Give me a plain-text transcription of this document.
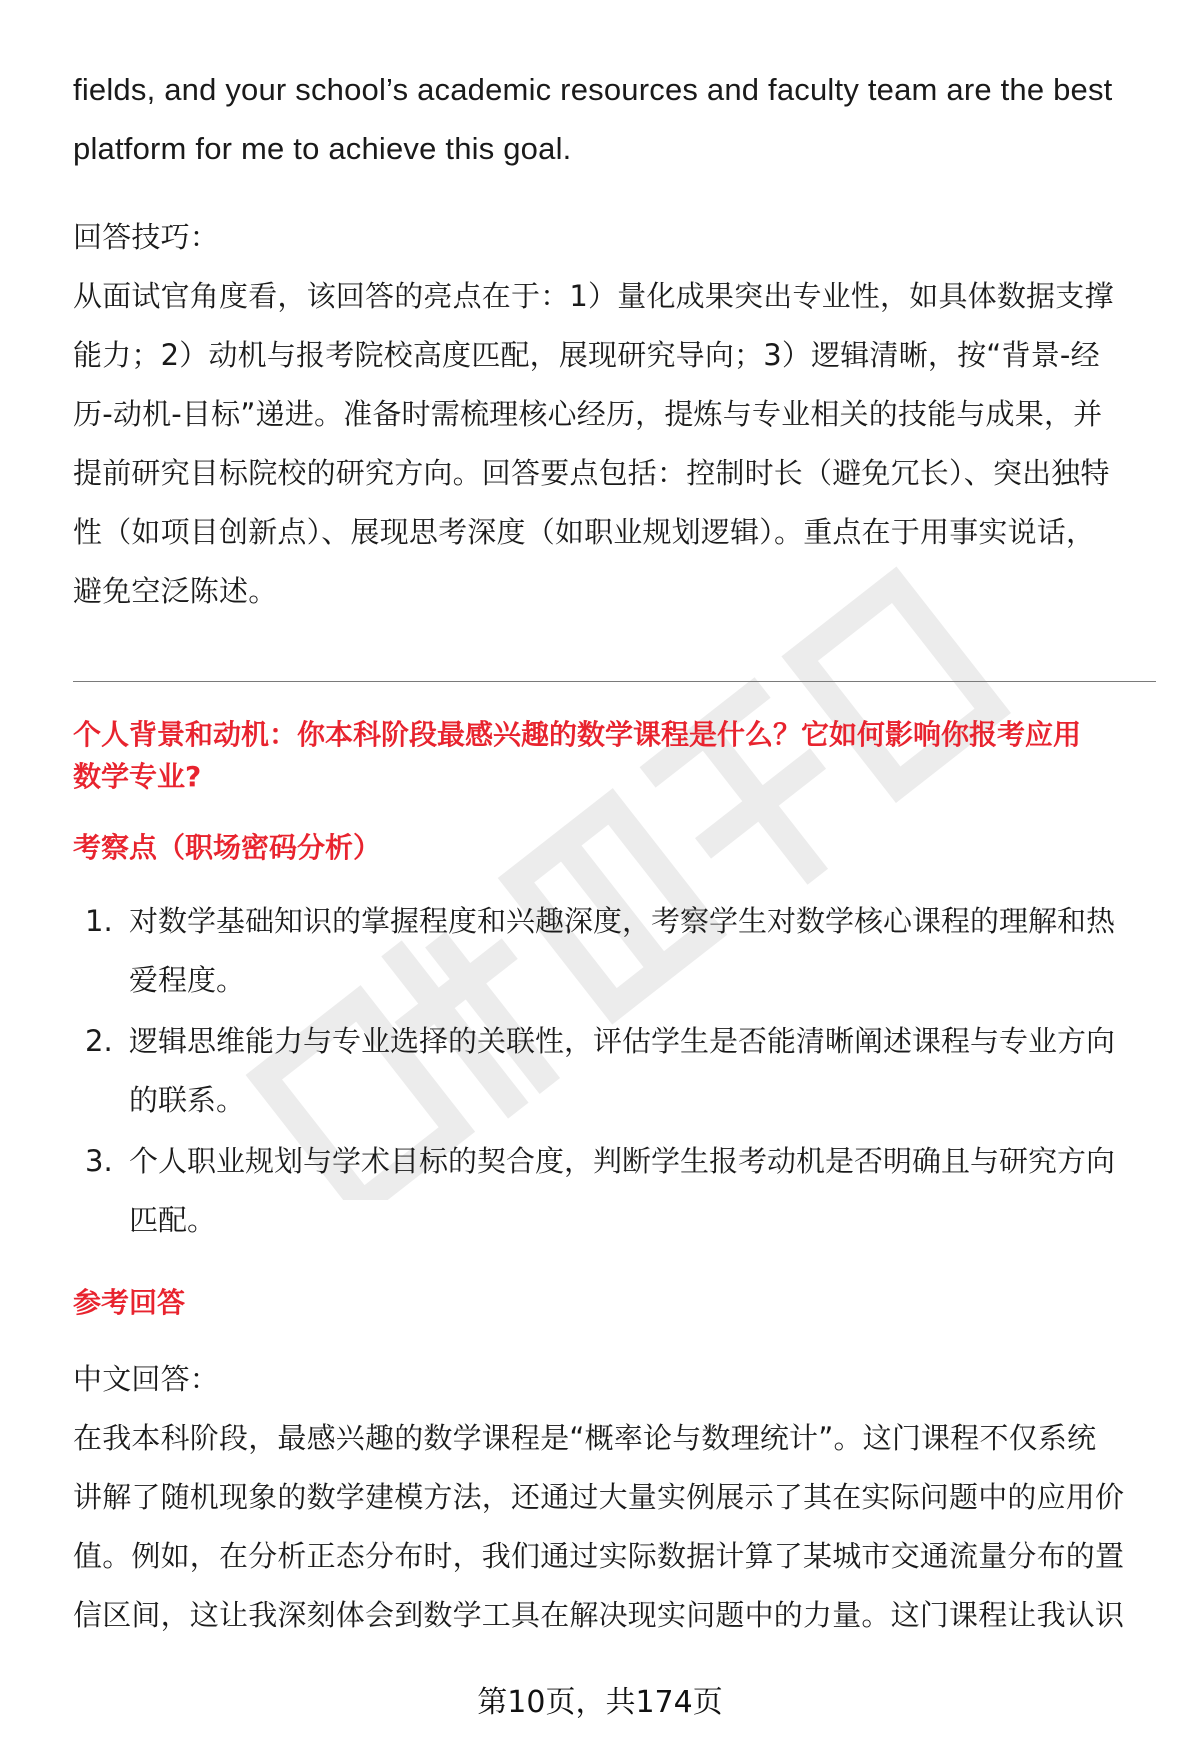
fields, and your school’s academic resources and faculty team are the best

platform for me to achieve this goal.

回答技巧：

从面试官角度看，该回答的亮点在于：1）量化成果突出专业性，如具体数据支撑

能力；2）动机与报考院校高度匹配，展现研究导向；3）逻辑清晰，按“背景-经

历-动机-目标”递进。准备时需梳理核心经历，提炼与专业相关的技能与成果，并

提前研究目标院校的研究方向。回答要点包括：控制时长（避免冗长）、突出独特

性（如项目创新点）、展现思考深度（如职业规划逻辑）。重点在于用事实说话，

避免空泛陈述。

个人背景和动机：你本科阶段最感兴趣的数学课程是什么？它如何影响你报考应用

数学专业?

考察点（职场密码分析）

1. 对数学基础知识的掌握程度和兴趣深度，考察学生对数学核心课程的理解和热
爱程度。
2. 逻辑思维能力与专业选择的关联性，评估学生是否能清晰阐述课程与专业方向
的联系。
3. 个人职业规划与学术目标的契合度，判断学生报考动机是否明确且与研究方向
匹配。

参考回答

中文回答：

在我本科阶段，最感兴趣的数学课程是“概率论与数理统计”。这门课程不仅系统

讲解了随机现象的数学建模方法，还通过大量实例展示了其在实际问题中的应用价

值。例如，在分析正态分布时，我们通过实际数据计算了某城市交通流量分布的置

信区间，这让我深刻体会到数学工具在解决现实问题中的力量。这门课程让我认识

第10页，共174页
